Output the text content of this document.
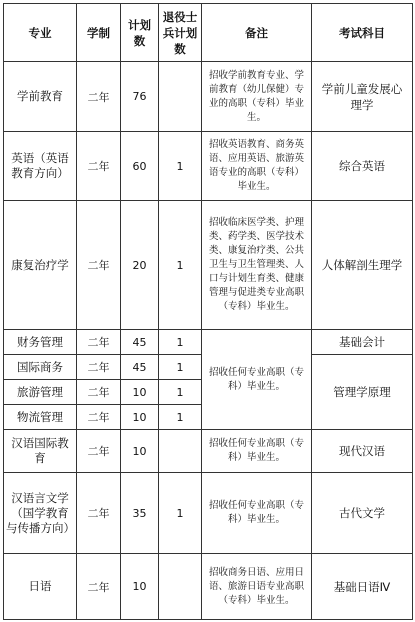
专业	学制	计划数	退役士兵计划数	备注	考试科目
学前教育	二年	76		招收学前教育专业、学前教育（幼儿保健）专业的高职（专科）毕业生。	学前儿童发展心理学
英语（英语教育方向）	二年	60	1	招收英语教育、商务英语、应用英语、旅游英语专业的高职（专科）毕业生。	综合英语
康复治疗学	二年	20	1	招收临床医学类、护理类、药学类、医学技术类、康复治疗类、公共卫生与卫生管理类、人口与计划生育类、健康管理与促进类专业高职（专科）毕业生。	人体解剖生理学
财务管理	二年	45	1	招收任何专业高职（专科）毕业生。	基础会计
国际商务	二年	45	1		管理学原理
旅游管理	二年	10	1		
物流管理	二年	10	1		
汉语国际教育	二年	10		招收任何专业高职（专科）毕业生。	现代汉语
汉语言文学（国学教育与传播方向）	二年	35	1	招收任何专业高职（专科）毕业生。	古代文学
日语	二年	10		招收商务日语、应用日语、旅游日语专业高职（专科）毕业生。	基础日语Ⅳ
